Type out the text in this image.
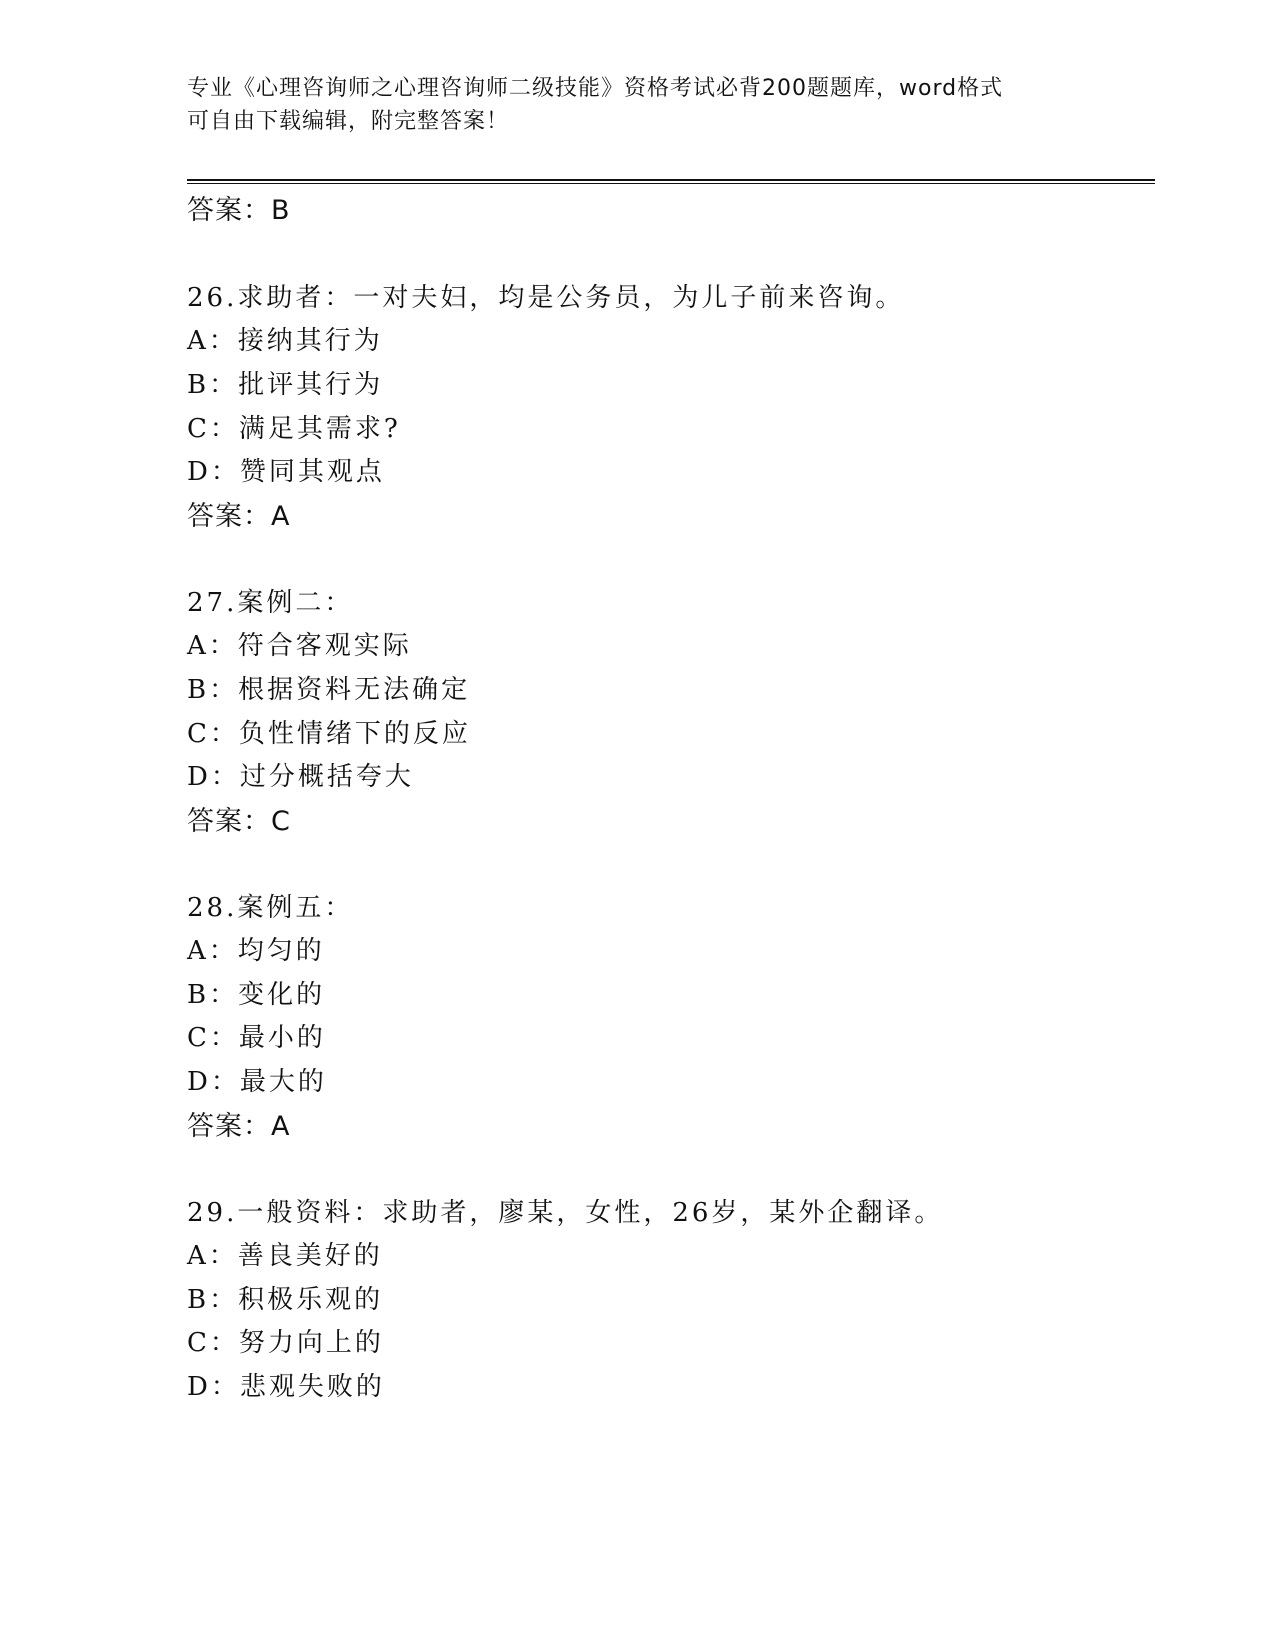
专业《心理咨询师之心理咨询师二级技能》资格考试必背200题题库，word格式
可自由下载编辑，附完整答案！
答案：B
26.求助者：一对夫妇，均是公务员，为儿子前来咨询。
A：接纳其行为
B：批评其行为
C：满足其需求?
D：赞同其观点
答案：A
27.案例二：
A：符合客观实际
B：根据资料无法确定
C：负性情绪下的反应
D：过分概括夸大
答案：C
28.案例五：
A：均匀的
B：变化的
C：最小的
D：最大的
答案：A
29.一般资料：求助者，廖某，女性，26岁，某外企翻译。
A：善良美好的
B：积极乐观的
C：努力向上的
D：悲观失败的
